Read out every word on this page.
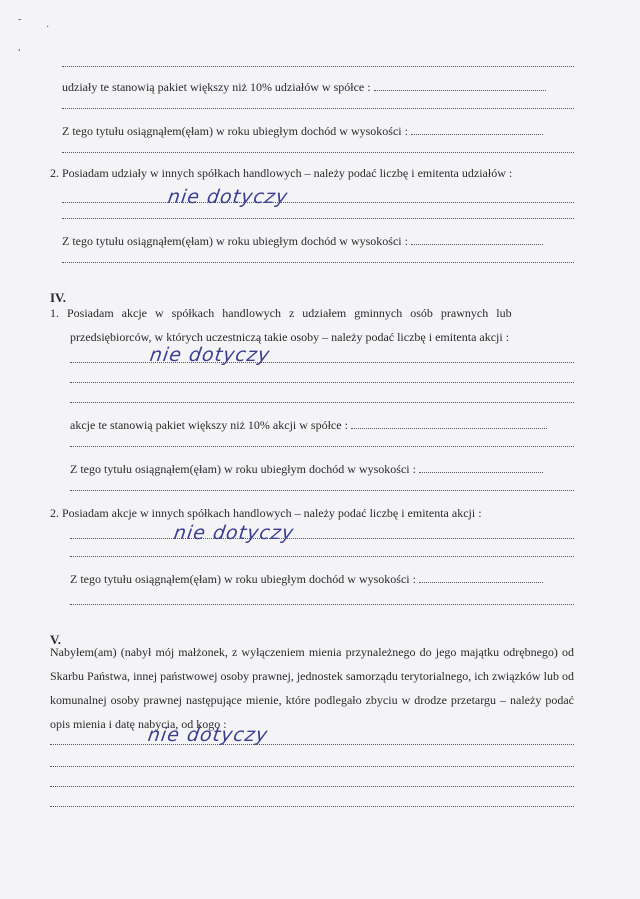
-
·
,
udziały te stanowią pakiet większy niż 10% udziałów w spółce :
Z tego tytułu osiągnąłem(ęłam) w roku ubiegłym dochód w wysokości :
2. Posiadam udziały w innych spółkach handlowych – należy podać liczbę i emitenta udziałów :
nie dotyczy
Z tego tytułu osiągnąłem(ęłam) w roku ubiegłym dochód w wysokości :
IV.
1. Posiadam akcje w spółkach handlowych z udziałem gminnych osób prawnych lub
przedsiębiorców, w których uczestniczą takie osoby – należy podać liczbę i emitenta akcji :
nie dotyczy
akcje te stanowią pakiet większy niż 10% akcji w spółce :
Z tego tytułu osiągnąłem(ęłam) w roku ubiegłym dochód w wysokości :
2. Posiadam akcje w innych spółkach handlowych – należy podać liczbę i emitenta akcji :
nie dotyczy
Z tego tytułu osiągnąłem(ęłam) w roku ubiegłym dochód w wysokości :
V.
Nabyłem(am) (nabył mój małżonek, z wyłączeniem mienia przynależnego do jego majątku odrębnego) od Skarbu Państwa, innej państwowej osoby prawnej, jednostek samorządu terytorialnego, ich związków lub od komunalnej osoby prawnej następujące mienie, które podlegało zbyciu w drodze przetargu – należy podać opis mienia i datę nabycia, od kogo :
nie dotyczy
